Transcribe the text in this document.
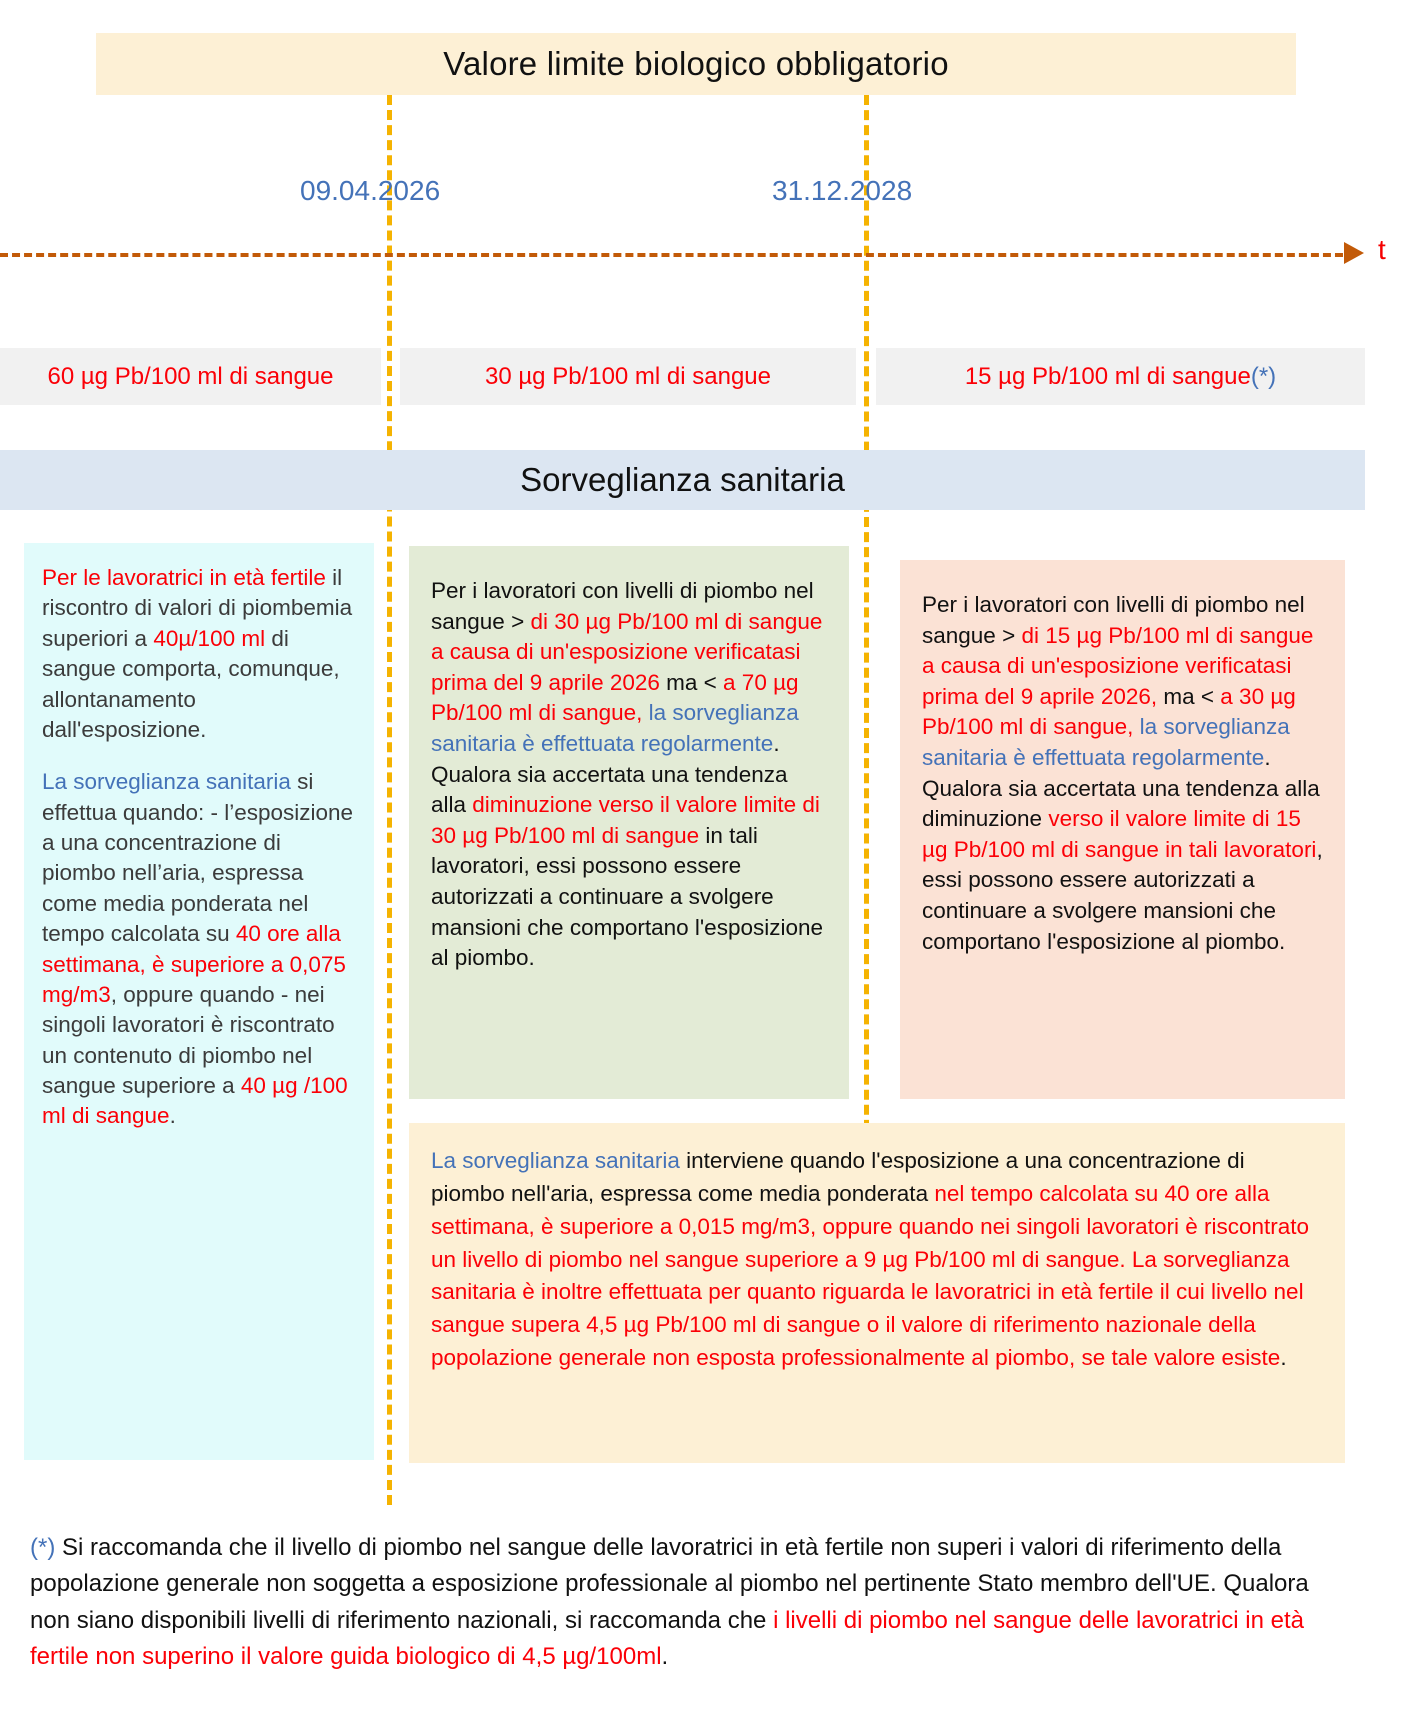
Valore limite biologico obbligatorio
09.04.2026	31.12.2028
t
60 µg Pb/100 ml di sangue	30 µg Pb/100 ml di sangue	15 µg Pb/100 ml di sangue (*)
Sorveglianza sanitaria
Per le lavoratrici in età fertile il riscontro di valori di piombemia superiori a 40µ/100 ml di sangue comporta, comunque, allontanamento dall'esposizione.
La sorveglianza sanitaria si effettua quando: - l’esposizione a una concentrazione di piombo nell’aria, espressa come media ponderata nel tempo calcolata su 40 ore alla settimana, è superiore a 0,075 mg/m3, oppure quando - nei singoli lavoratori è riscontrato un contenuto di piombo nel sangue superiore a 40 µg /100 ml di sangue.
Per i lavoratori con livelli di piombo nel sangue > di 30 µg Pb/100 ml di sangue a causa di un'esposizione verificatasi prima del 9 aprile 2026 ma < a 70 µg Pb/100 ml di sangue, la sorveglianza sanitaria è effettuata regolarmente. Qualora sia accertata una tendenza alla diminuzione verso il valore limite di 30 µg Pb/100 ml di sangue in tali lavoratori, essi possono essere autorizzati a continuare a svolgere mansioni che comportano l'esposizione al piombo.
Per i lavoratori con livelli di piombo nel sangue > di 15 µg Pb/100 ml di sangue a causa di un'esposizione verificatasi prima del 9 aprile 2026, ma < a 30 µg Pb/100 ml di sangue, la sorveglianza sanitaria è effettuata regolarmente. Qualora sia accertata una tendenza alla diminuzione verso il valore limite di 15 µg Pb/100 ml di sangue in tali lavoratori, essi possono essere autorizzati a continuare a svolgere mansioni che comportano l'esposizione al piombo.
La sorveglianza sanitaria interviene quando l'esposizione a una concentrazione di piombo nell'aria, espressa come media ponderata nel tempo calcolata su 40 ore alla settimana, è superiore a 0,015 mg/m3, oppure quando nei singoli lavoratori è riscontrato un livello di piombo nel sangue superiore a 9 µg Pb/100 ml di sangue. La sorveglianza sanitaria è inoltre effettuata per quanto riguarda le lavoratrici in età fertile il cui livello nel sangue supera 4,5 µg Pb/100 ml di sangue o il valore di riferimento nazionale della popolazione generale non esposta professionalmente al piombo, se tale valore esiste.
(*) Si raccomanda che il livello di piombo nel sangue delle lavoratrici in età fertile non superi i valori di riferimento della popolazione generale non soggetta a esposizione professionale al piombo nel pertinente Stato membro dell'UE. Qualora non siano disponibili livelli di riferimento nazionali, si raccomanda che i livelli di piombo nel sangue delle lavoratrici in età fertile non superino il valore guida biologico di 4,5 µg/100ml.
